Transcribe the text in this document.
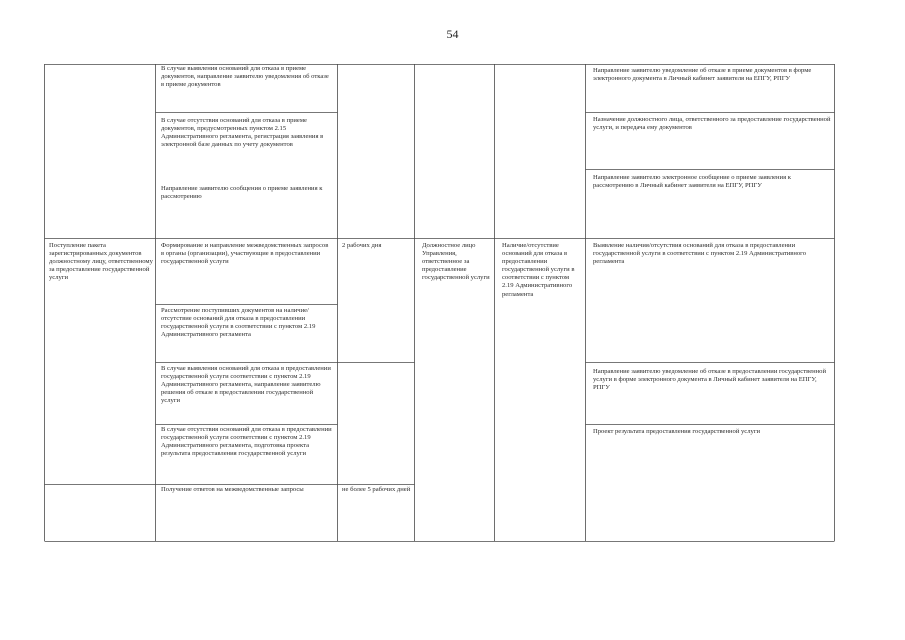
54

В случае выявления оснований для отказа в приеме документов, направление заявителю уведомления об отказе в приеме документов

В случае отсутствия оснований для отказа в приеме документов, предусмотренных пунктом 2.15 Административного регламента, регистрация заявления в электронной базе данных по учету документов

Направление заявителю сообщения о приеме заявления к рассмотрению

Направление заявителю уведомление об отказе в приеме документов в форме электронного документа в Личный кабинет заявителя на ЕПГУ, РПГУ

Назначение должностного лица, ответственного за предоставление государственной услуги, и передача ему документов

Направление заявителю электронное сообщение о приеме заявления к рассмотрению в Личный кабинет заявителя на ЕПГУ, РПГУ

Поступление пакета зарегистрированных документов должностному лицу, ответственному за предоставление государственной услуги

Формирование и направление межведомственных запросов в органы (организации), участвующие в предоставлении государственной услуги

Рассмотрение поступивших документов на наличие/отсутствие оснований для отказа в предоставлении государственной услуги в соответствии с пунктом 2.19 Административного регламента

В случае выявления оснований для отказа в предоставлении государственной услуги соответствии с пунктом 2.19 Административного регламента, направление заявителю решения об отказе в предоставлении государственной услуги

В случае отсутствия оснований для отказа в предоставлении государственной услуги соответствии с пунктом 2.19 Административного регламента, подготовка проекта результата предоставления государственной услуги

Получение ответов на межведомственные запросы

2 рабочих дня

не более 5 рабочих дней

Должностное лицо Управления, ответственное за предоставление государственной услуги

Наличие/отсутствие оснований для отказа в предоставлении государственной услуги в соответствии с пунктом 2.19 Административного регламента

Выявление наличия/отсутствия оснований для отказа в предоставлении государственной услуги в соответствии с пунктом 2.19 Административного регламента

Направление заявителю уведомление об отказе в предоставлении государственной услуги в форме электронного документа в Личный кабинет заявителя на ЕПГУ, РПГУ

Проект результата предоставления государственной услуги
